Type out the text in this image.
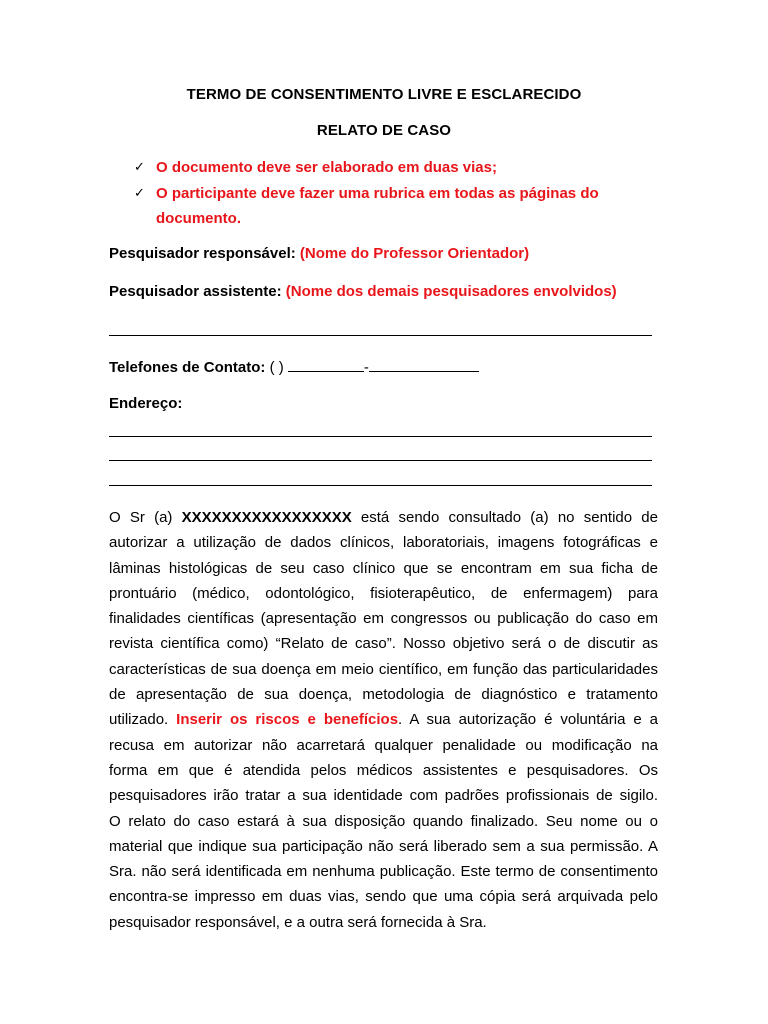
TERMO DE CONSENTIMENTO LIVRE E ESCLARECIDO
RELATO DE CASO
✓ O documento deve ser elaborado em duas vias;
✓ O participante deve fazer uma rubrica em todas as páginas do
documento.
Pesquisador responsável: (Nome do Professor Orientador)
Pesquisador assistente: (Nome dos demais pesquisadores envolvidos)
Telefones de Contato: ( )	-
Endereço:
O Sr (a) XXXXXXXXXXXXXXXXX está sendo consultado (a) no sentido de
autorizar a utilização de dados clínicos, laboratoriais, imagens fotográficas e
lâminas histológicas de seu caso clínico que se encontram em sua ficha de
prontuário (médico, odontológico, fisioterapêutico, de enfermagem) para
finalidades científicas (apresentação em congressos ou publicação do caso em
revista científica como) “Relato de caso”. Nosso objetivo será o de discutir as
características de sua doença em meio científico, em função das particularidades
de apresentação de sua doença, metodologia de diagnóstico e tratamento
utilizado. Inserir os riscos e benefícios. A sua autorização é voluntária e a
recusa em autorizar não acarretará qualquer penalidade ou modificação na
forma em que é atendida pelos médicos assistentes e pesquisadores. Os
pesquisadores irão tratar a sua identidade com padrões profissionais de sigilo.
O relato do caso estará à sua disposição quando finalizado. Seu nome ou o
material que indique sua participação não será liberado sem a sua permissão. A
Sra. não será identificada em nenhuma publicação. Este termo de consentimento
encontra-se impresso em duas vias, sendo que uma cópia será arquivada pelo
pesquisador responsável, e a outra será fornecida à Sra.
